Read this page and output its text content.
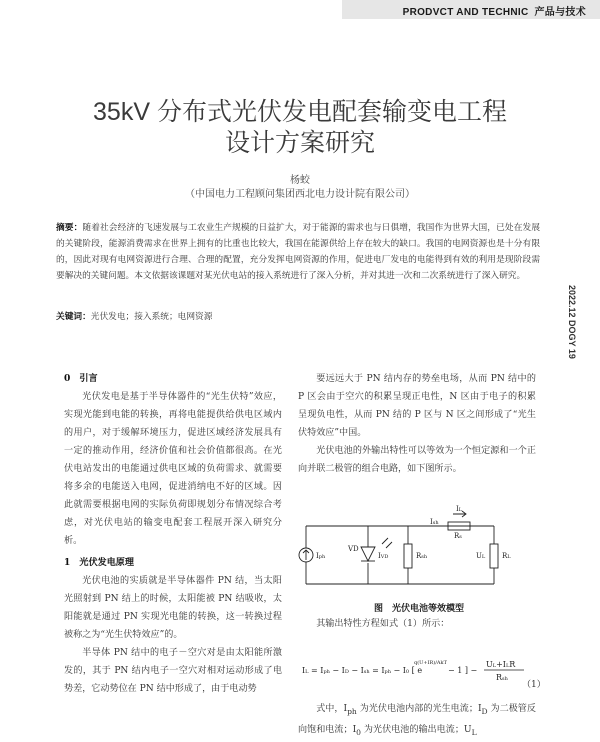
PRODVCT AND TECHNIC 产品与技术
35kV 分布式光伏发电配套输变电工程
设计方案研究
杨蛟
（中国电力工程顾问集团西北电力设计院有限公司）
摘要：随着社会经济的飞速发展与工农业生产规模的日益扩大，对于能源的需求也与日俱增，我国作为世界大国，已处在发展的关键阶段，能源消费需求在世界上拥有的比重也比较大，我国在能源供给上存在较大的缺口。我国的电网资源也是十分有限的，因此对现有电网资源进行合理、合理的配置，充分发挥电网资源的作用，促进电厂发电的电能得到有效的利用是现阶段需要解决的关键问题。本文依据该课题对某光伏电站的接入系统进行了深入分析，并对其进一次和二次系统进行了深入研究。
关键词：光伏发电；接入系统；电网资源	2022.12 DOGY 19
0　引言

光伏发电是基于半导体器件的“光生伏特”效应，实现光能到电能的转换，再将电能提供给供电区域内的用户，对于缓解环境压力，促进区域经济发展具有一定的推动作用，经济价值和社会价值都很高。在光伏电站发出的电能通过供电区域的负荷需求、就需要将多余的电能送入电网，促进消纳电不好的区域。因此就需要根据电网的实际负荷即规划分布情况综合考虑，对光伏电站的输变电配套工程展开深入研究分析。

1　光伏发电原理

光伏电池的实质就是半导体器件 PN 结，当太阳光照射到 PN 结上的时候，太阳能被 PN 结吸收，太阳能就是通过 PN 实现光电能的转换，这一转换过程被称之为“光生伏特效应”的。

半导体 PN 结中的电子－空穴对是由太阳能所激发的，其于 PN 结内电子一空穴对相对运动形成了电势差，它动势位在 PN 结中形成了，由于电动势

要远远大于 PN 结内存的势垒电场，从而 PN 结中的 P 区会由于空穴的积累呈现正电性，N 区由于电子的积累呈现负电性，从而 PN 结的 P 区与 N 区之间形成了“光生伏特效应”中国。

光伏电池的外输出特性可以等效为一个恒定源和一个正向并联二极管的组合电路，如下图所示。

Iph
VD
IVD	Rsh
Rs
IL
UL RL
Ish
图　光伏电池等效模型

其输出特性方程如式（1）所示：

IL = Iph − ID − Ish = Iph − I0 [ e
q(U+IR)/AkT
− 1 ] −
UL+ILR
Rsh
（1）

式中，$I_{ph}$ 为光伏电池内部的光生电流；$I_D$ 为二极管反向饱和电流；$I_0$ 为光伏电池的输出电流；$U_L$
